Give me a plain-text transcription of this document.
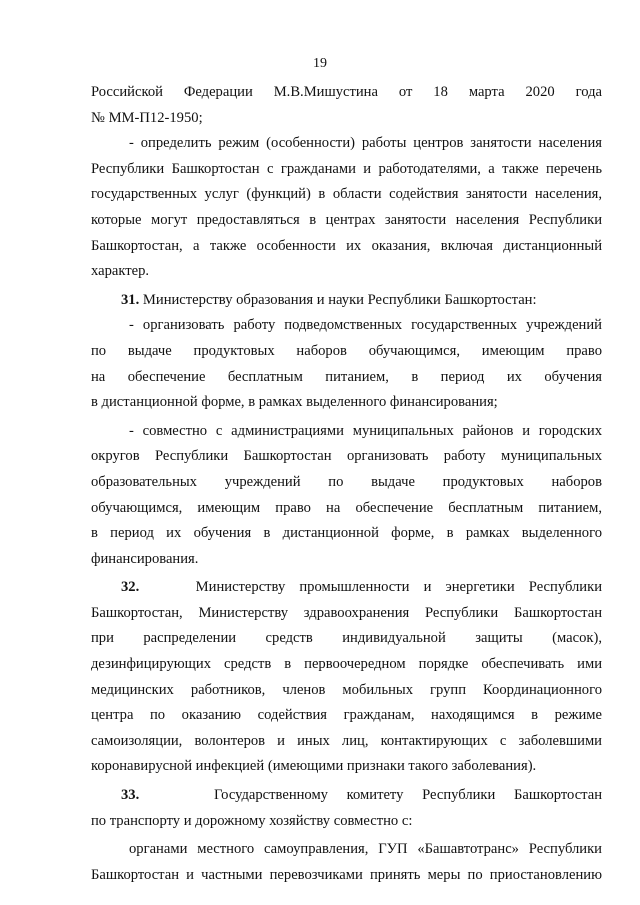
19

Российской Федерации М.В.Мишустина от 18 марта 2020 года

№ ММ-П12-1950;

- определить режим (особенности) работы центров занятости населения

Республики Башкортостан с гражданами и работодателями, а также перечень

государственных услуг (функций) в области содействия занятости населения,

которые могут предоставляться в центрах занятости населения Республики

Башкортостан, а также особенности их оказания, включая дистанционный

характер.

31. Министерству образования и науки Республики Башкортостан:

- организовать работу подведомственных государственных учреждений

по выдаче продуктовых наборов обучающимся, имеющим право

на обеспечение бесплатным питанием, в период их обучения

в дистанционной форме, в рамках выделенного финансирования;

- совместно с администрациями муниципальных районов и городских

округов Республики Башкортостан организовать работу муниципальных

образовательных учреждений по выдаче продуктовых наборов

обучающимся, имеющим право на обеспечение бесплатным питанием,

в период их обучения в дистанционной форме, в рамках выделенного

финансирования.

32.	Министерству промышленности и энергетики Республики

Башкортостан, Министерству здравоохранения Республики Башкортостан

при распределении средств индивидуальной защиты (масок),

дезинфицирующих средств в первоочередном порядке обеспечивать ими

медицинских работников, членов мобильных групп Координационного

центра по оказанию содействия гражданам, находящимся в режиме

самоизоляции, волонтеров и иных лиц, контактирующих с заболевшими

коронавирусной инфекцией (имеющими признаки такого заболевания).

33.	Государственному комитету Республики Башкортостан

по транспорту и дорожному хозяйству совместно с:

органами местного самоуправления, ГУП «Башавтотранс» Республики

Башкортостан и частными перевозчиками принять меры по приостановлению
